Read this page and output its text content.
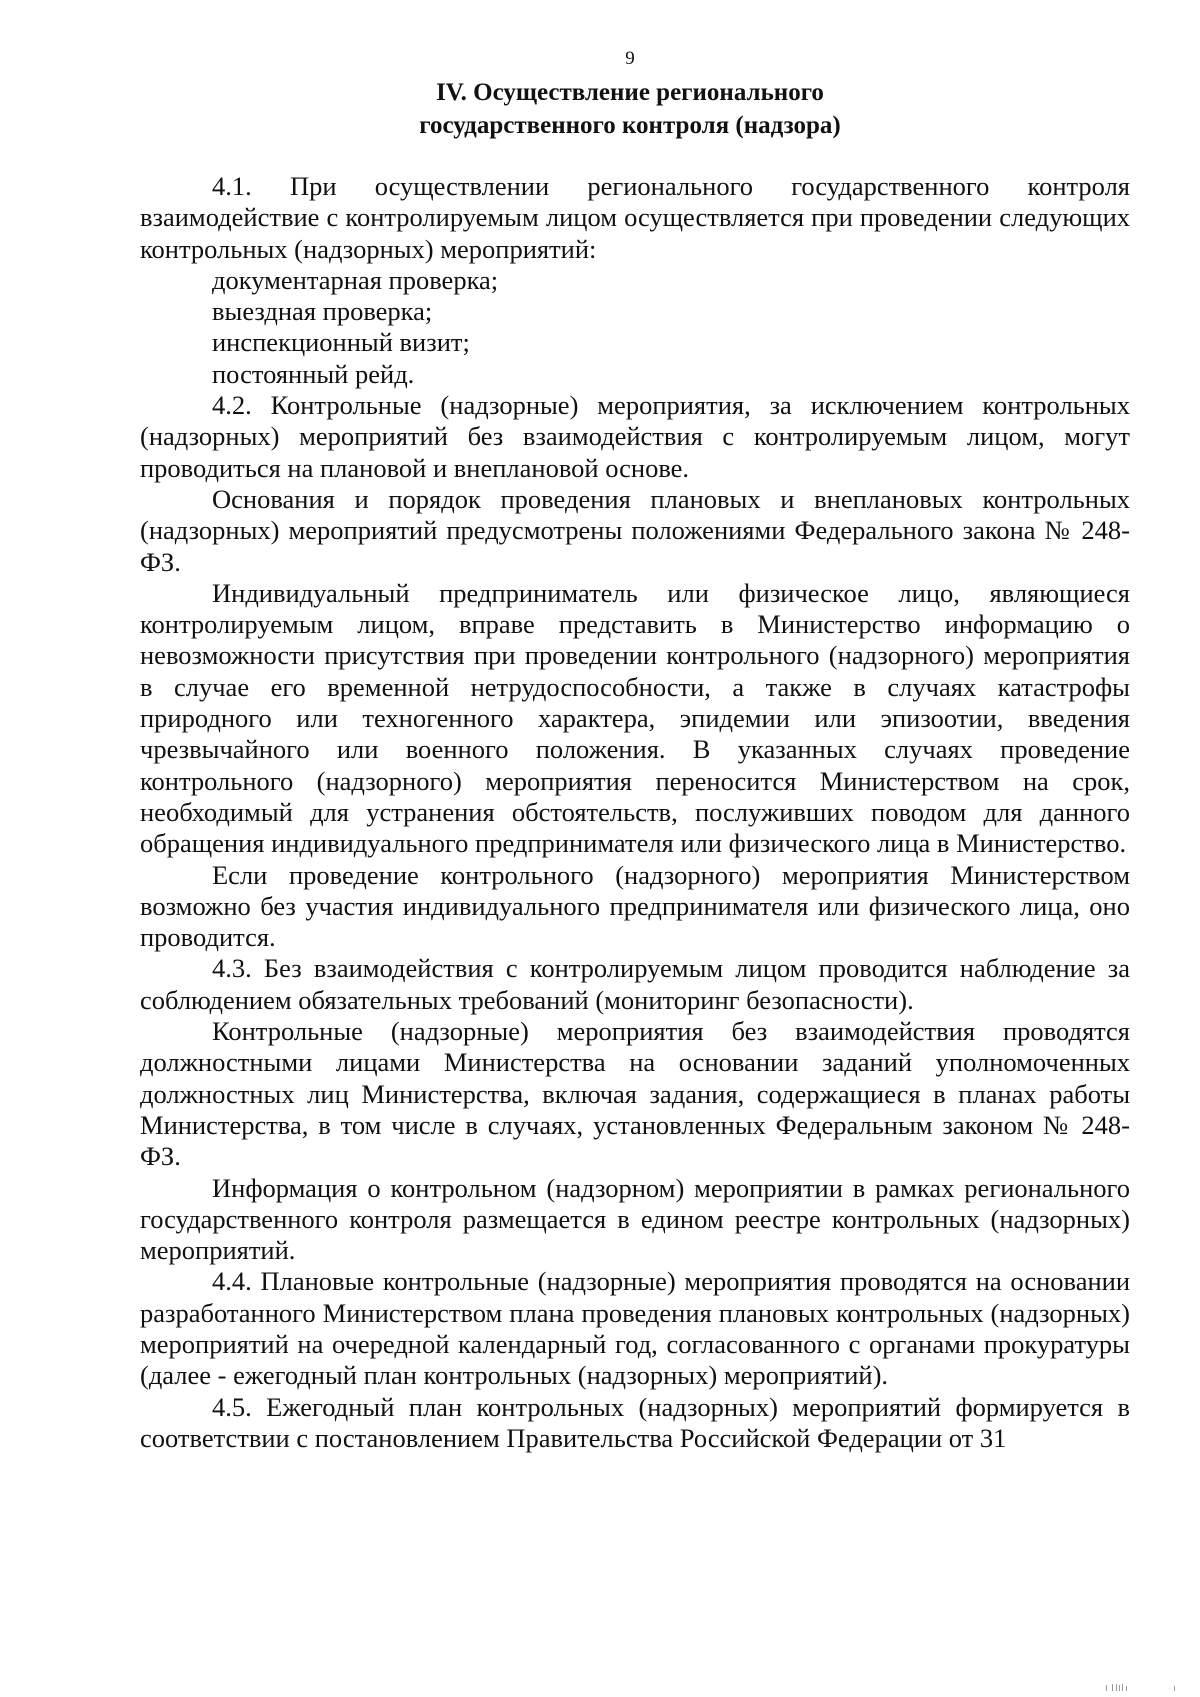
9
IV. Осуществление регионального
государственного контроля (надзора)

4.1. При осуществлении регионального государственного контроля взаимодействие с контролируемым лицом осуществляется при проведении следующих контрольных (надзорных) мероприятий:

документарная проверка;

выездная проверка;

инспекционный визит;

постоянный рейд.

4.2. Контрольные (надзорные) мероприятия, за исключением контрольных (надзорных) мероприятий без взаимодействия с контролируемым лицом, могут проводиться на плановой и внеплановой основе.

Основания и порядок проведения плановых и внеплановых контрольных (надзорных) мероприятий предусмотрены положениями Федерального закона № 248-ФЗ.

Индивидуальный предприниматель или физическое лицо, являющиеся контролируемым лицом, вправе представить в Министерство информацию о невозможности присутствия при проведении контрольного (надзорного) мероприятия в случае его временной нетрудоспособности, а также в случаях катастрофы природного или техногенного характера, эпидемии или эпизоотии, введения чрезвычайного или военного положения. В указанных случаях проведение контрольного (надзорного) мероприятия переносится Министерством на срок, необходимый для устранения обстоятельств, послуживших поводом для данного обращения индивидуального предпринимателя или физического лица в Министерство.

Если проведение контрольного (надзорного) мероприятия Министерством возможно без участия индивидуального предпринимателя или физического лица, оно проводится.

4.3. Без взаимодействия с контролируемым лицом проводится наблюдение за соблюдением обязательных требований (мониторинг безопасности).

Контрольные (надзорные) мероприятия без взаимодействия проводятся должностными лицами Министерства на основании заданий уполномоченных должностных лиц Министерства, включая задания, содержащиеся в планах работы Министерства, в том числе в случаях, установленных Федеральным законом № 248-ФЗ.

Информация о контрольном (надзорном) мероприятии в рамках регионального государственного контроля размещается в едином реестре контрольных (надзорных) мероприятий.

4.4. Плановые контрольные (надзорные) мероприятия проводятся на основании разработанного Министерством плана проведения плановых контрольных (надзорных) мероприятий на очередной календарный год, согласованного с органами прокуратуры (далее - ежегодный план контрольных (надзорных) мероприятий).

4.5. Ежегодный план контрольных (надзорных) мероприятий формируется в соответствии с постановлением Правительства Российской Федерации от 31
